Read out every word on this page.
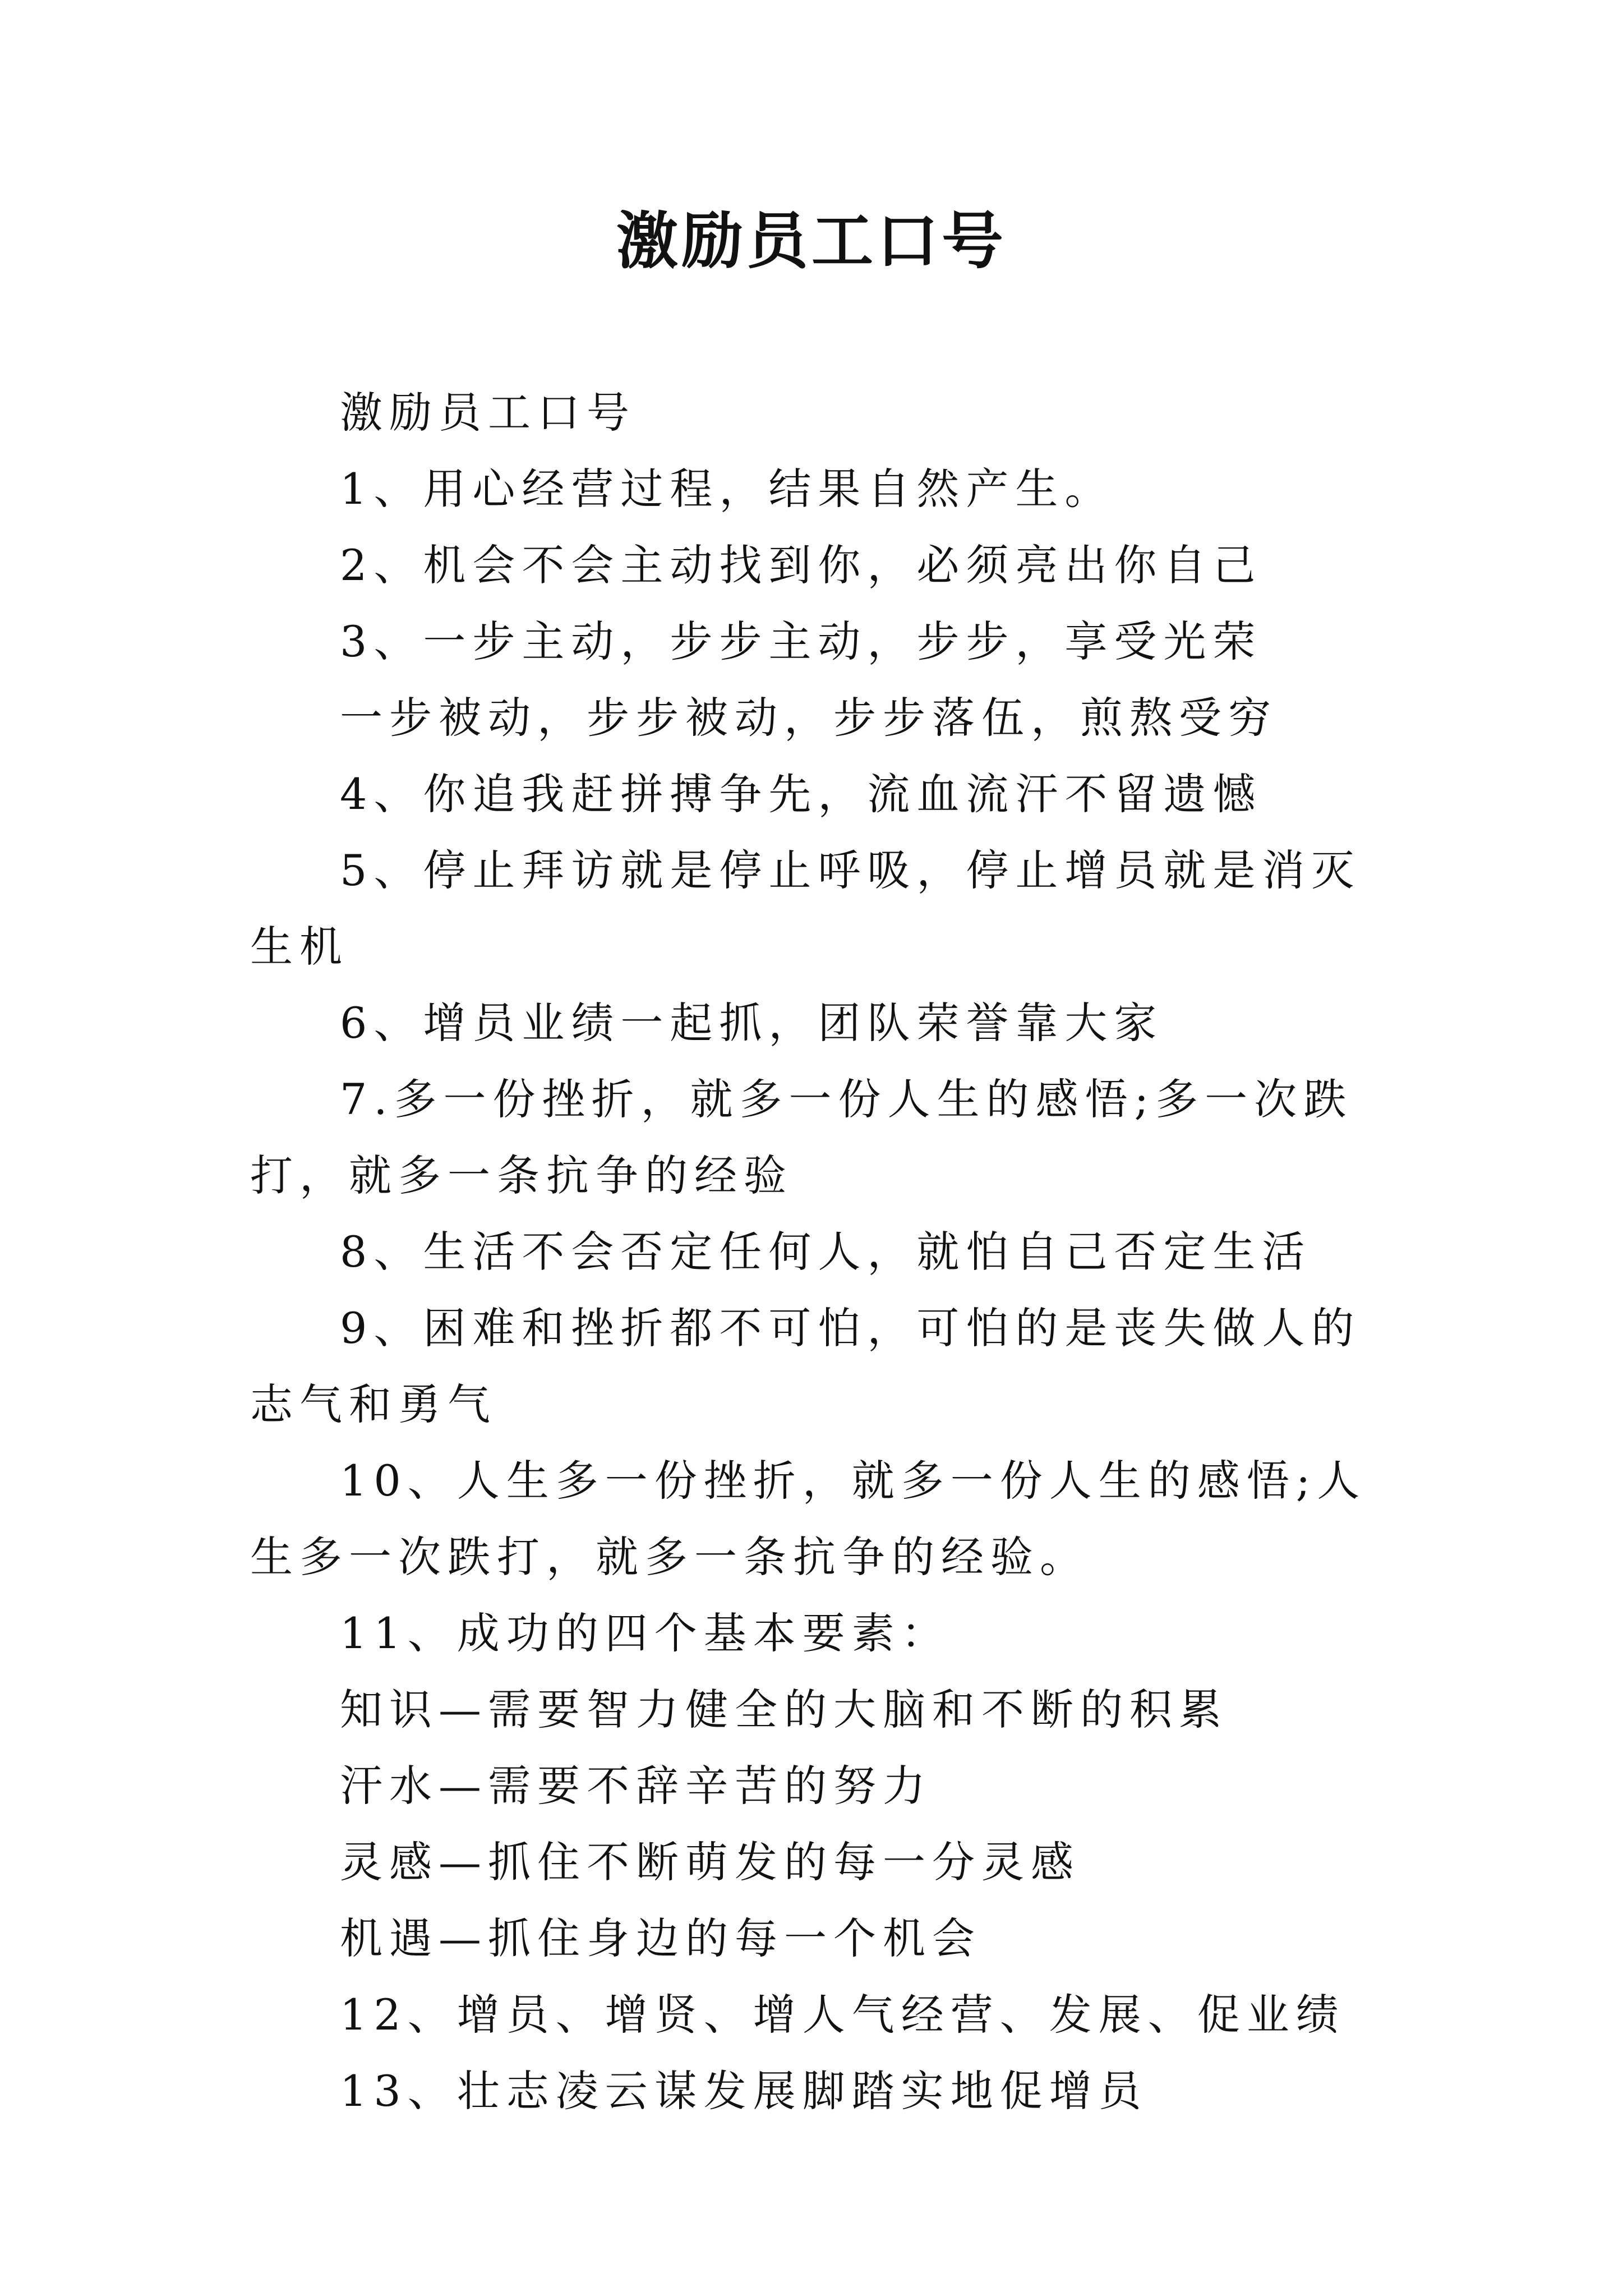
激励员工口号

激励员工口号

1、用心经营过程，结果自然产生。

2、机会不会主动找到你，必须亮出你自己

3、一步主动，步步主动，步步，享受光荣

一步被动，步步被动，步步落伍，煎熬受穷

4、你追我赶拼搏争先，流血流汗不留遗憾

5、停止拜访就是停止呼吸，停止增员就是消灭生机

6、增员业绩一起抓，团队荣誉靠大家

7.多一份挫折，就多一份人生的感悟;多一次跌打，就多一条抗争的经验

8、生活不会否定任何人，就怕自己否定生活

9、困难和挫折都不可怕，可怕的是丧失做人的志气和勇气

10、人生多一份挫折，就多一份人生的感悟;人生多一次跌打，就多一条抗争的经验。

11、成功的四个基本要素：

知识—需要智力健全的大脑和不断的积累

汗水—需要不辞辛苦的努力

灵感—抓住不断萌发的每一分灵感

机遇—抓住身边的每一个机会

12、增员、增贤、增人气经营、发展、促业绩

13、壮志凌云谋发展脚踏实地促增员
